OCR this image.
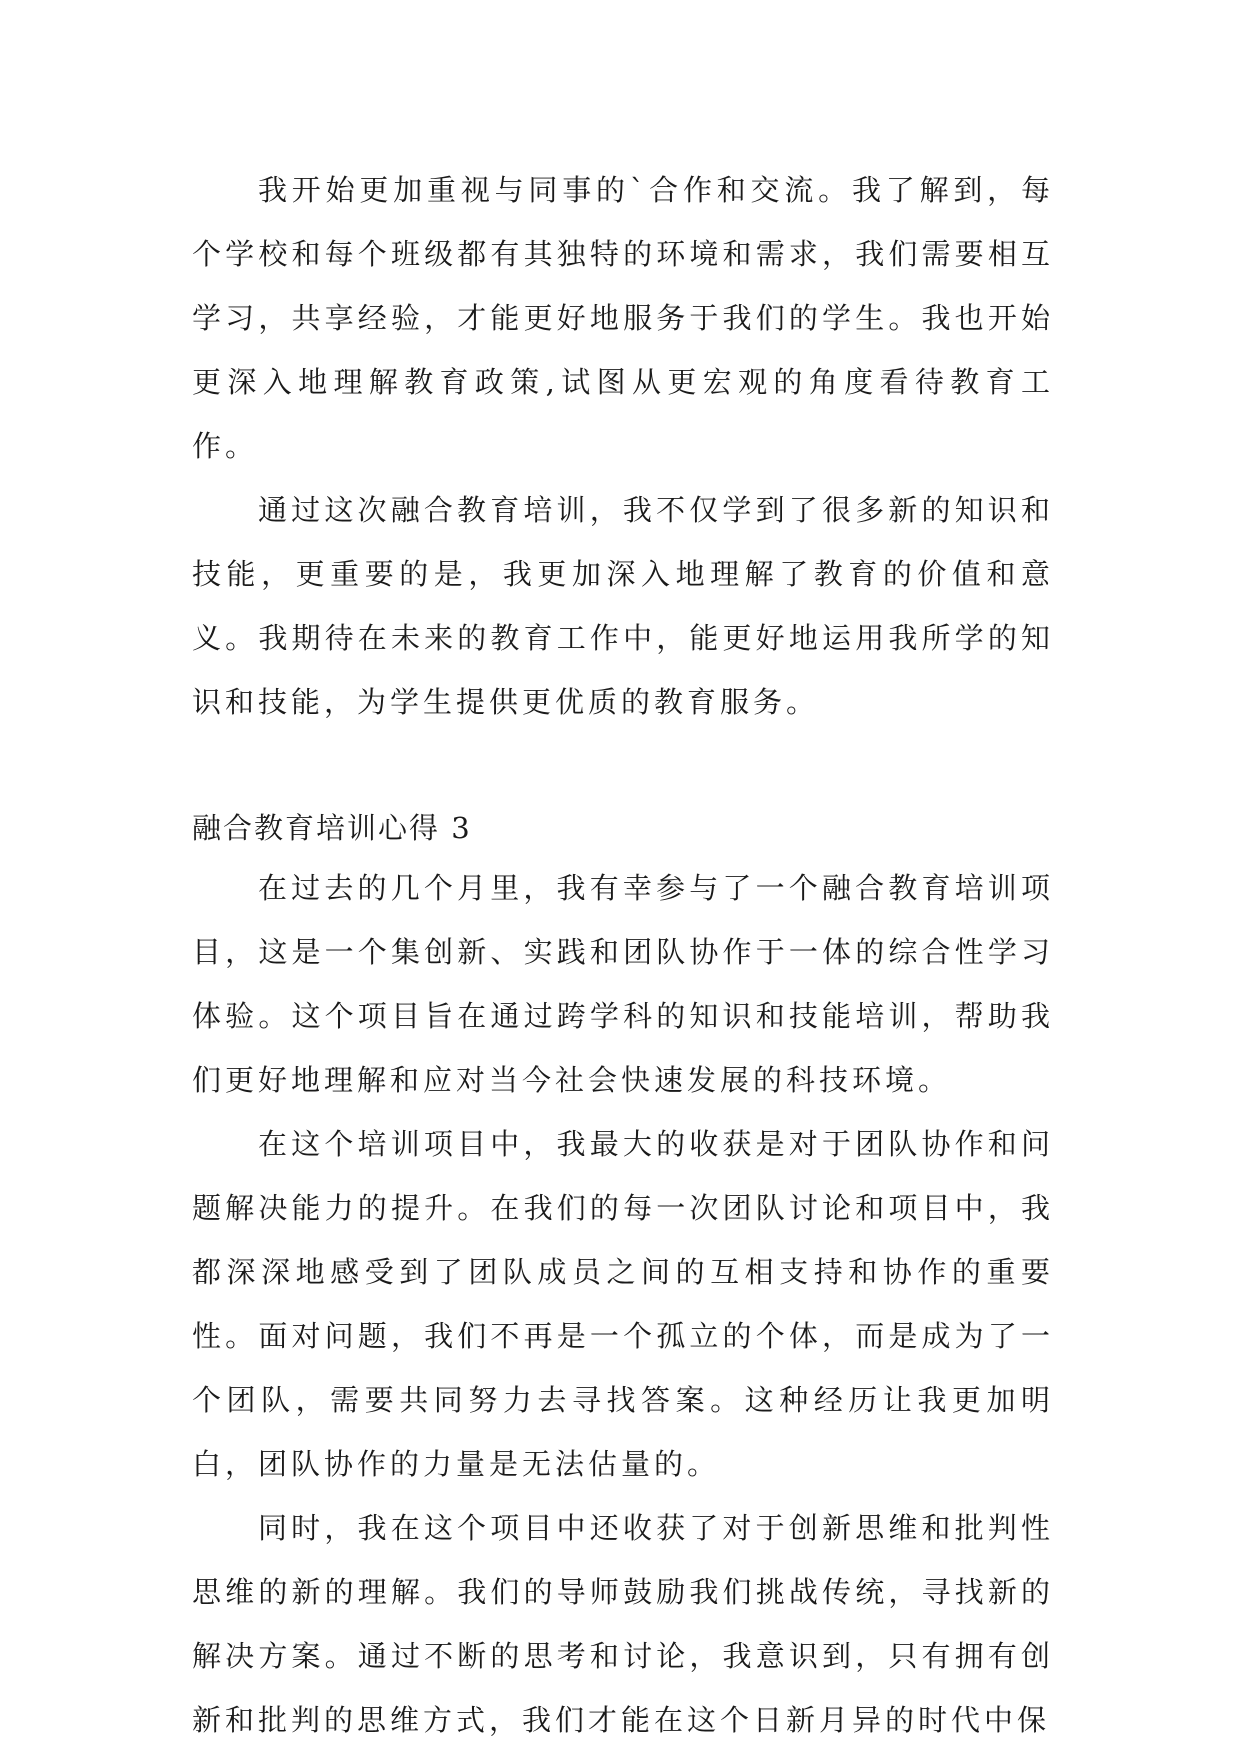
我开始更加重视与同事的`合作和交流。我了解到，每个学校和每个班级都有其独特的环境和需求，我们需要相互学习，共享经验，才能更好地服务于我们的学生。我也开始更深入地理解教育政策,试图从更宏观的角度看待教育工作。

通过这次融合教育培训，我不仅学到了很多新的知识和技能，更重要的是，我更加深入地理解了教育的价值和意义。我期待在未来的教育工作中，能更好地运用我所学的知识和技能，为学生提供更优质的教育服务。

融合教育培训心得 3

在过去的几个月里，我有幸参与了一个融合教育培训项目，这是一个集创新、实践和团队协作于一体的综合性学习体验。这个项目旨在通过跨学科的知识和技能培训，帮助我们更好地理解和应对当今社会快速发展的科技环境。

在这个培训项目中，我最大的收获是对于团队协作和问题解决能力的提升。在我们的每一次团队讨论和项目中，我都深深地感受到了团队成员之间的互相支持和协作的重要性。面对问题，我们不再是一个孤立的个体，而是成为了一个团队，需要共同努力去寻找答案。这种经历让我更加明白，团队协作的力量是无法估量的。

同时，我在这个项目中还收获了对于创新思维和批判性思维的新的理解。我们的导师鼓励我们挑战传统，寻找新的解决方案。通过不断的思考和讨论，我意识到，只有拥有创新和批判的思维方式，我们才能在这个日新月异的时代中保
